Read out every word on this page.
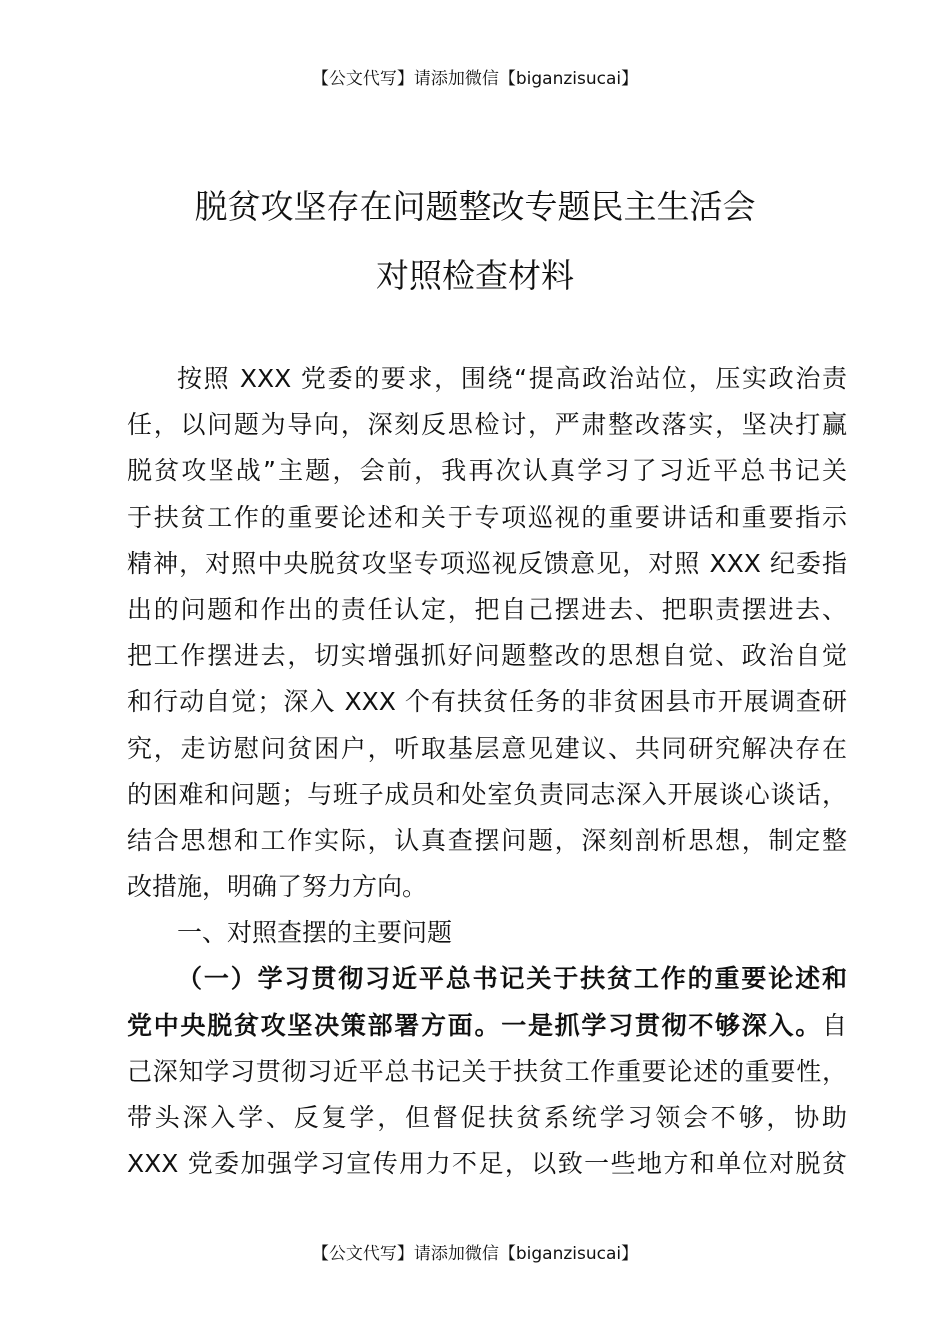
【公文代写】请添加微信【biganzisucai】
脱贫攻坚存在问题整改专题民主生活会
对照检查材料
按照 XXX 党委的要求，围绕“提高政治站位，压实政治责
任，以问题为导向，深刻反思检讨，严肃整改落实，坚决打赢
脱贫攻坚战”主题，会前，我再次认真学习了习近平总书记关
于扶贫工作的重要论述和关于专项巡视的重要讲话和重要指示
精神，对照中央脱贫攻坚专项巡视反馈意见，对照 XXX 纪委指
出的问题和作出的责任认定，把自己摆进去、把职责摆进去、
把工作摆进去，切实增强抓好问题整改的思想自觉、政治自觉
和行动自觉；深入 XXX 个有扶贫任务的非贫困县市开展调查研
究，走访慰问贫困户，听取基层意见建议、共同研究解决存在
的困难和问题；与班子成员和处室负责同志深入开展谈心谈话，
结合思想和工作实际，认真查摆问题，深刻剖析思想，制定整
改措施，明确了努力方向。
一、对照查摆的主要问题
（一）学习贯彻习近平总书记关于扶贫工作的重要论述和
党中央脱贫攻坚决策部署方面。一是抓学习贯彻不够深入。自
己深知学习贯彻习近平总书记关于扶贫工作重要论述的重要性，
带头深入学、反复学，但督促扶贫系统学习领会不够，协助
XXX 党委加强学习宣传用力不足，以致一些地方和单位对脱贫
【公文代写】请添加微信【biganzisucai】
